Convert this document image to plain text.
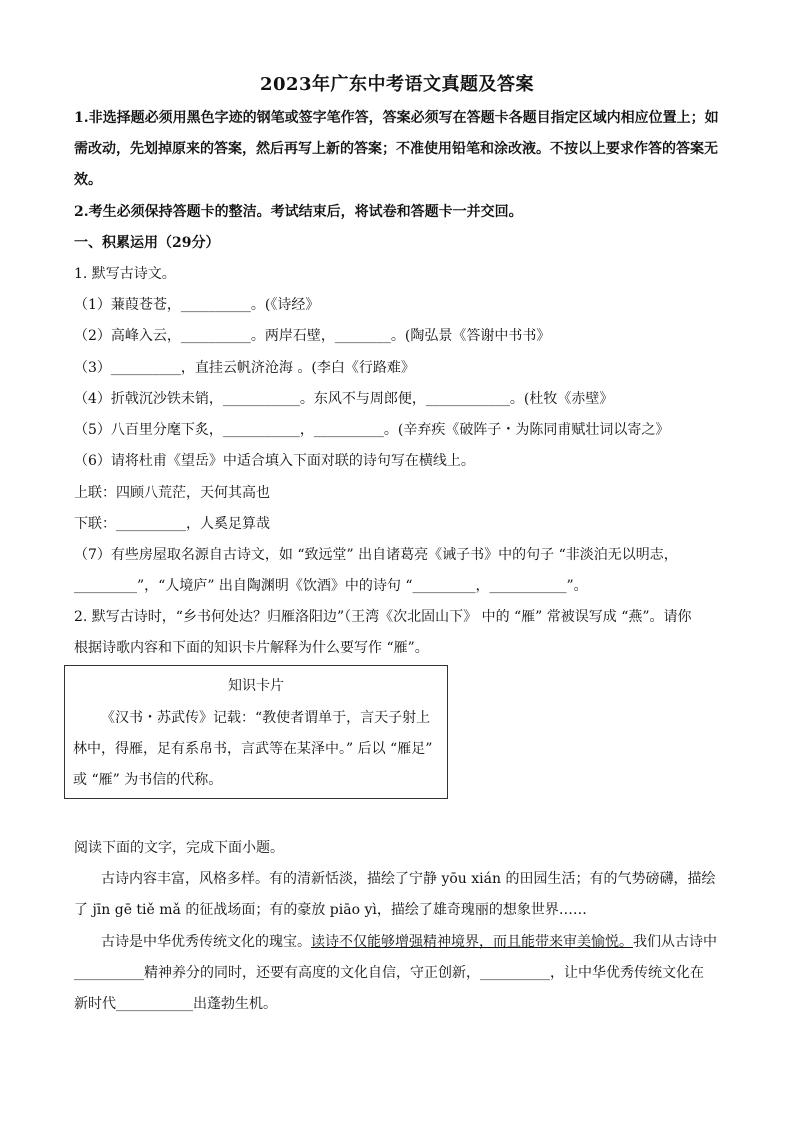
2023年广东中考语文真题及答案
1.非选择题必须用黑色字迹的钢笔或签字笔作答，答案必须写在答题卡各题目指定区域内相应位置上；如
需改动，先划掉原来的答案，然后再写上新的答案；不准使用铅笔和涂改液。不按以上要求作答的答案无
效。
2.考生必须保持答题卡的整洁。考试结束后，将试卷和答题卡一并交回。
一、积累运用（29分）
1. 默写古诗文。
（1）蒹葭苍苍，__________。(《诗经》
（2）高峰入云，__________。两岸石壁，________。(陶弘景《答谢中书书》
（3）__________，直挂云帆济沧海 。(李白《行路难》
（4）折戟沉沙铁未销，___________。东风不与周郎便，____________。(杜牧《赤壁》
（5）八百里分麾下炙，___________，__________。(辛弃疾《破阵子・为陈同甫赋壮词以寄之》
（6）请将杜甫《望岳》中适合填入下面对联的诗句写在横线上。
上联：四顾八荒茫，天何其高也
下联：__________，人奚足算哉
（7）有些房屋取名源自古诗文，如 “致远堂” 出自诸葛亮《诫子书》中的句子 “非淡泊无以明志，
_________”，“人境庐” 出自陶渊明《饮酒》中的诗句 “_________，___________”。
2. 默写古诗时，“乡书何处达？归雁洛阳边”（王湾《次北固山下》 中的 “雁” 常被误写成 “燕”。请你
根据诗歌内容和下面的知识卡片解释为什么要写作 “雁”。
知识卡片
《汉书・苏武传》记载：“教使者谓单于，言天子射上
林中，得雁，足有系帛书，言武等在某泽中。” 后以 “雁足”
或 “雁” 为书信的代称。
阅读下面的文字，完成下面小题。
古诗内容丰富，风格多样。有的清新恬淡，描绘了宁静 yōu xián 的田园生活；有的气势磅礴，描绘
了 jīn gē tiě mǎ 的征战场面；有的豪放 piāo yì，描绘了雄奇瑰丽的想象世界……
古诗是中华优秀传统文化的瑰宝。读诗不仅能够增强精神境界，而且能带来审美愉悦。我们从古诗中
__________精神养分的同时，还要有高度的文化自信，守正创新，__________，让中华优秀传统文化在
新时代___________出蓬勃生机。
